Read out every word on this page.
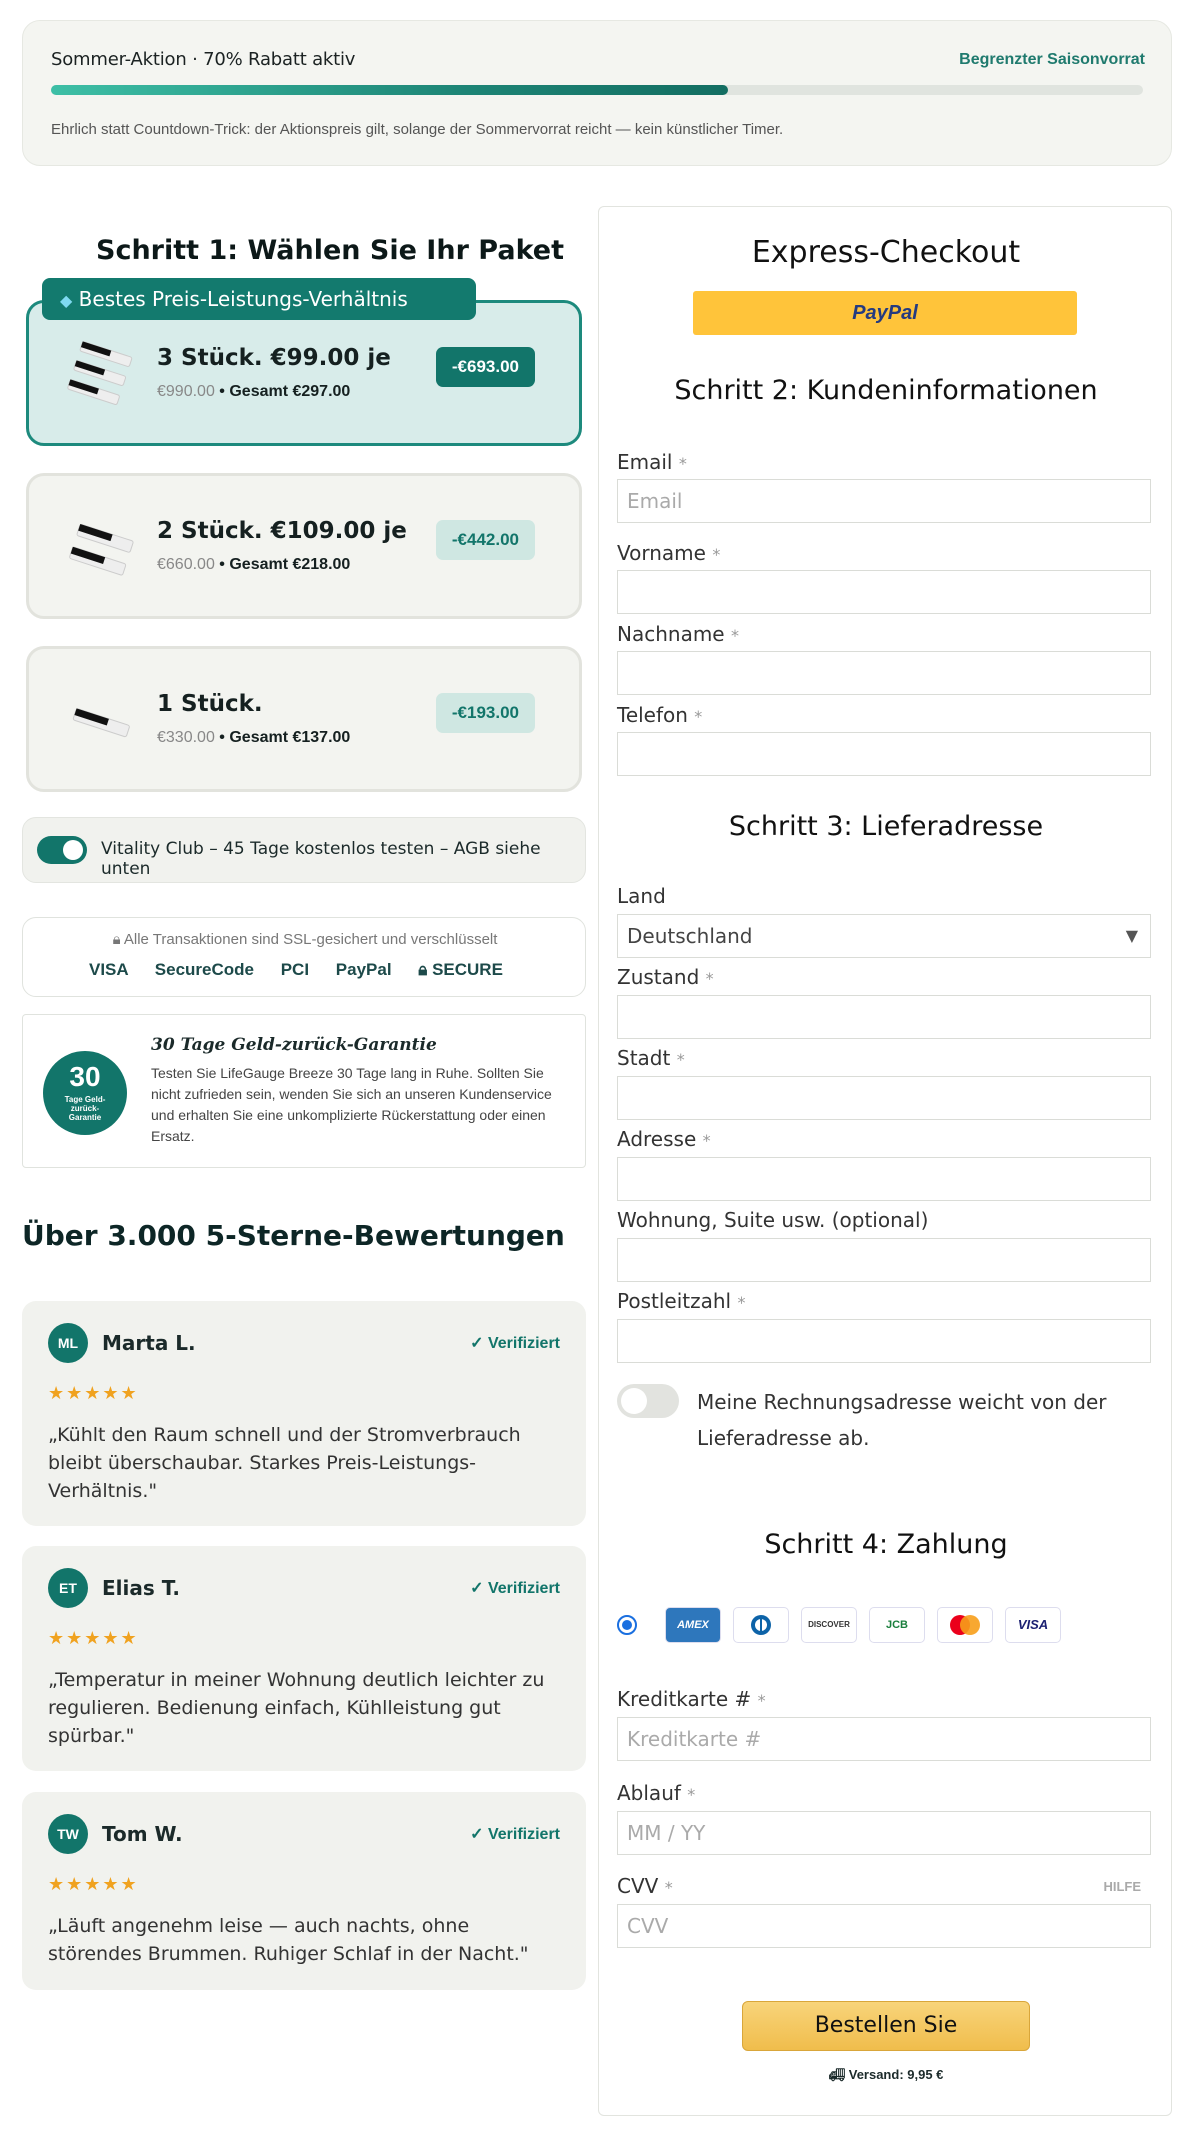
Sommer-Aktion · 70% Rabatt aktiv	Begrenzter Saisonvorrat
Ehrlich statt Countdown-Trick: der Aktionspreis gilt, solange der Sommervorrat reicht — kein künstlicher Timer.
Schritt 1: Wählen Sie Ihr Paket
3 Stück. €99.00 je
€990.00 • Gesamt €297.00
-€693.00
◆ Bestes Preis-Leistungs-Verhältnis
2 Stück. €109.00 je
€660.00 • Gesamt €218.00
-€442.00
1 Stück.
€330.00 • Gesamt €137.00
-€193.00
Vitality Club – 45 Tage kostenlos testen – AGB siehe unten
🔒︎ Alle Transaktionen sind SSL-gesichert und verschlüsselt
VISA SecureCode PCI PayPal 🔒︎ SECURE
30
Tage Geld-zurück-Garantie
30 Tage Geld-zurück-Garantie
Testen Sie LifeGauge Breeze 30 Tage lang in Ruhe. Sollten Sie nicht zufrieden sein, wenden Sie sich an unseren Kundenservice und erhalten Sie eine unkomplizierte Rückerstattung oder einen Ersatz.
Über 3.000 5-Sterne-Bewertungen
ML	Marta L.	✓ Verifiziert
★★★★★
„Kühlt den Raum schnell und der Stromverbrauch bleibt überschaubar. Starkes Preis-Leistungs-Verhältnis."
ET	Elias T.	✓ Verifiziert
★★★★★
„Temperatur in meiner Wohnung deutlich leichter zu regulieren. Bedienung einfach, Kühlleistung gut spürbar."
TW	Tom W.	✓ Verifiziert
★★★★★
„Läuft angenehm leise — auch nachts, ohne störendes Brummen. Ruhiger Schlaf in der Nacht."
Express-Checkout
PayPal
Schritt 2: Kundeninformationen
Email *
Email
Vorname *
Nachname *
Telefon *
Schritt 3: Lieferadresse
Land
Deutschland	▼
Zustand *
Stadt *
Adresse *
Wohnung, Suite usw. (optional)
Postleitzahl *
Meine Rechnungsadresse weicht von der Lieferadresse ab.
Schritt 4: Zahlung
AMEX	DISCOVER	JCB	VISA
Kreditkarte # *
Kreditkarte #
Ablauf *
MM / YY
CVV *	HILFE
CVV
Bestellen Sie
🚚︎ Versand: 9,95 €
